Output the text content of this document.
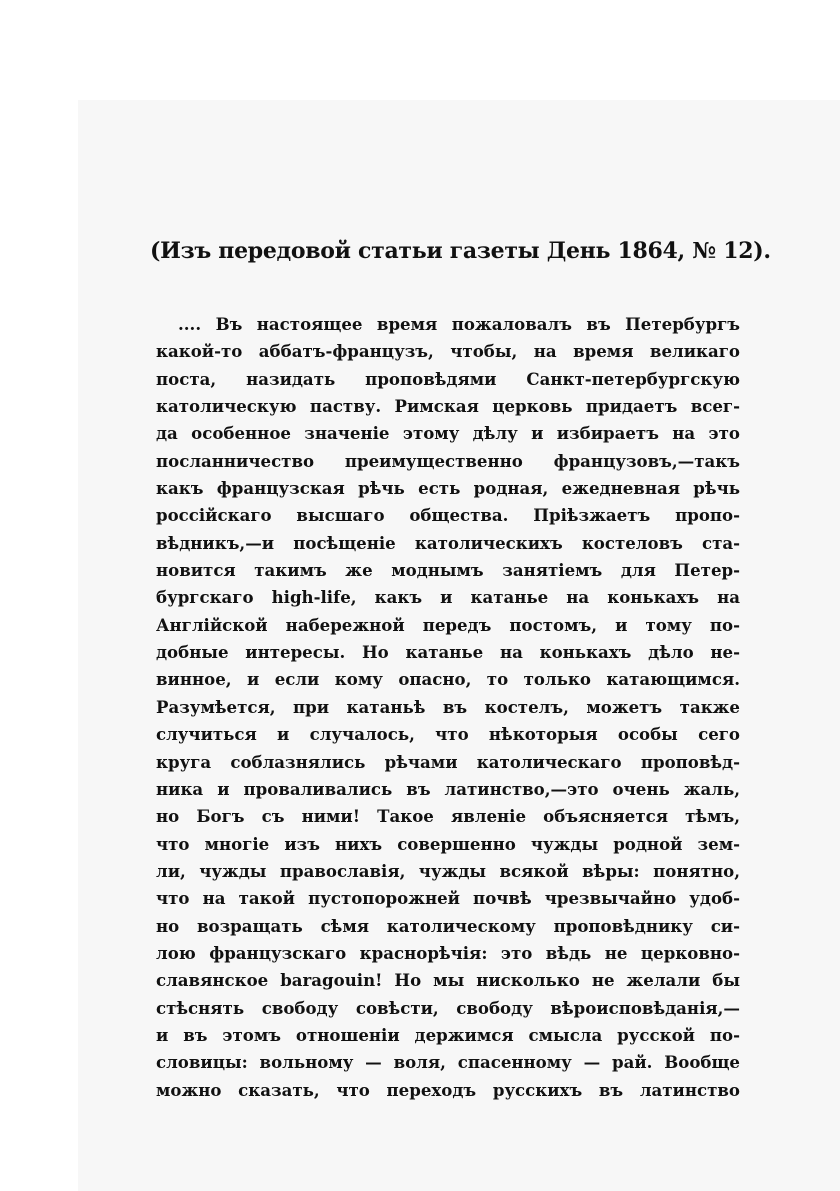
(Изъ передовой статьи газеты День 1864, № 12).
.... Въ настоящее время пожаловалъ въ Петербургъ
какой-то аббатъ-французъ, чтобы, на время великаго
поста, назидать проповѣдями Санкт-петербургскую
католическую паству. Римская церковь придаетъ всег-
да особенное значенiе этому дѣлу и избираетъ на это
посланничество преимущественно французовъ,—такъ
какъ французская рѣчь есть родная, ежедневная рѣчь
россiйскаго высшаго общества. Прiѣзжаетъ пропо-
вѣдникъ,—и посѣщенiе католическихъ костеловъ ста-
новится такимъ же моднымъ занятiемъ для Петер-
бургскаго high-life, какъ и катанье на конькахъ на
Англiйской набережной передъ постомъ, и тому по-
добные интересы. Но катанье на конькахъ дѣло не-
винное, и если кому опасно, то только катающимся.
Разумѣется, при катаньѣ въ костелъ, можетъ также
случиться и случалось, что нѣкоторыя особы сего
круга соблазнялись рѣчами католическаго проповѣд-
ника и проваливались въ латинство,—это очень жаль,
но Богъ съ ними! Такое явленiе объясняется тѣмъ,
что многiе изъ нихъ совершенно чужды родной зем-
ли, чужды православiя, чужды всякой вѣры: понятно,
что на такой пустопорожней почвѣ чрезвычайно удоб-
но возращать сѣмя католическому проповѣднику си-
лою французскаго краснорѣчiя: это вѣдь не церковно-
славянское baragouin! Но мы нисколько не желали бы
стѣснять свободу совѣсти, свободу вѣроисповѣданiя,—
и въ этомъ отношенiи держимся смысла русской по-
словицы: вольному — воля, спасенному — рай. Вообще
можно сказать, что переходъ русскихъ въ латинство
